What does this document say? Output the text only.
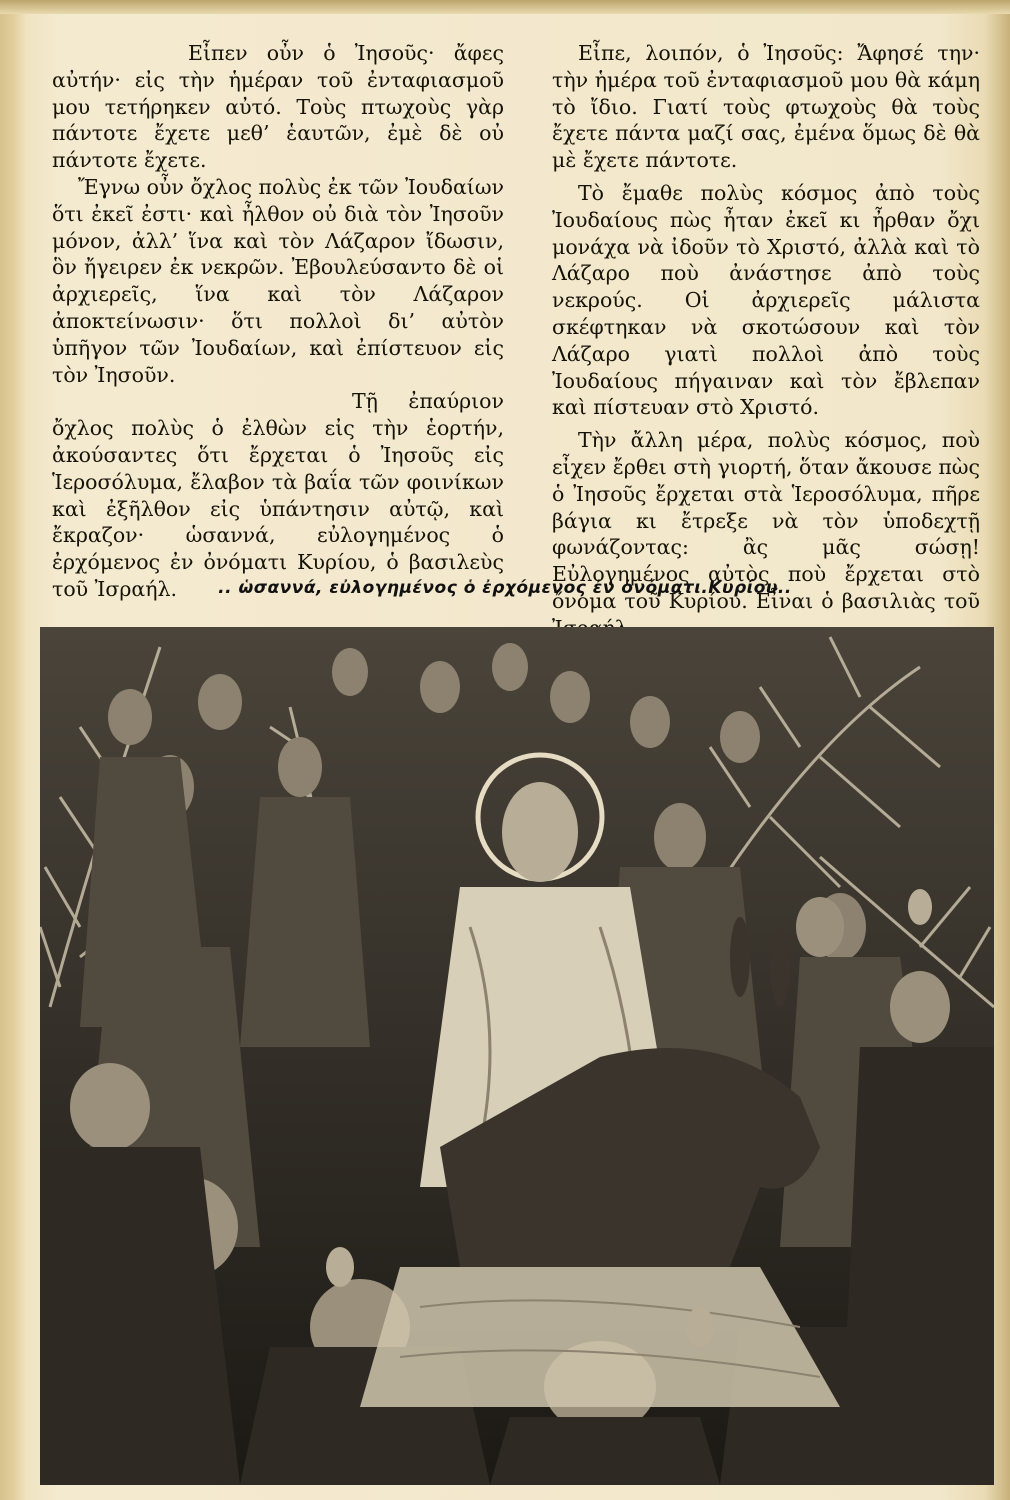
Εἶπεν οὖν ὁ Ἰησοῦς· ἄφες αὐτήν· εἰς τὴν ἡμέραν τοῦ ἐνταφιασμοῦ μου τετήρηκεν αὐτό. Τοὺς πτωχοὺς γὰρ πάντοτε ἔχετε μεθ’ ἑαυτῶν, ἐμὲ δὲ οὐ πάντοτε ἔχετε.

Ἔγνω οὖν ὄχλος πολὺς ἐκ τῶν Ἰουδαίων ὅτι ἐκεῖ ἐστι· καὶ ἦλθον οὐ διὰ τὸν Ἰησοῦν μόνον, ἀλλ’ ἵνα καὶ τὸν Λάζαρον ἴδωσιν, ὃν ἤγειρεν ἐκ νεκρῶν. Ἐβουλεύσαντο δὲ οἱ ἀρχιερεῖς, ἵνα καὶ τὸν Λάζαρον ἀποκτείνωσιν· ὅτι πολλοὶ δι’ αὐτὸν ὑπῆγον τῶν Ἰουδαίων, καὶ ἐπίστευον εἰς τὸν Ἰησοῦν.

Τῇ ἐπαύριον ὄχλος πολὺς ὁ ἐλθὼν εἰς τὴν ἑορτήν, ἀκούσαντες ὅτι ἔρχεται ὁ Ἰησοῦς εἰς Ἱεροσόλυμα, ἔλαβον τὰ βαΐα τῶν φοινίκων καὶ ἐξῆλθον εἰς ὑπάντησιν αὐτῷ, καὶ ἔκραζον· ὡσαννά, εὐλογημένος ὁ ἐρχόμενος ἐν ὀνόματι Κυρίου, ὁ βασιλεὺς τοῦ Ἰσραήλ.

Εἶπε, λοιπόν, ὁ Ἰησοῦς: Ἄφησέ την· τὴν ἡμέρα τοῦ ἐνταφιασμοῦ μου θὰ κάμη τὸ ἴδιο. Γιατί τοὺς φτωχοὺς θὰ τοὺς ἔχετε πάντα μαζί σας, ἐμένα ὅμως δὲ θὰ μὲ ἔχετε πάντοτε.

Τὸ ἔμαθε πολὺς κόσμος ἀπὸ τοὺς Ἰουδαίους πὼς ἦταν ἐκεῖ κι ἦρθαν ὄχι μονάχα νὰ ἰδοῦν τὸ Χριστό, ἀλλὰ καὶ τὸ Λάζαρο ποὺ ἀνάστησε ἀπὸ τοὺς νεκρούς. Οἱ ἀρχιερεῖς μάλιστα σκέφτηκαν νὰ σκοτώσουν καὶ τὸν Λάζαρο γιατὶ πολλοὶ ἀπὸ τοὺς Ἰουδαίους πήγαιναν καὶ τὸν ἔβλεπαν καὶ πίστευαν στὸ Χριστό.

Τὴν ἄλλη μέρα, πολὺς κόσμος, ποὺ εἶχεν ἔρθει στὴ γιορτή, ὅταν ἄκουσε πὼς ὁ Ἰησοῦς ἔρχεται στὰ Ἱεροσόλυμα, πῆρε βάγια κι ἔτρεξε νὰ τὸν ὑποδεχτῇ φωνάζοντας: ἂς μᾶς σώσῃ! Εὐλογημένος αὐτὸς ποὺ ἔρχεται στὸ ὄνομα τοῦ Κυρίου. Εἶναι ὁ βασιλιὰς τοῦ

.. ὡσαννά, εὐλογημένος ὁ ἐρχόμενος ἐν ὀνόματι.Κυρίου..
